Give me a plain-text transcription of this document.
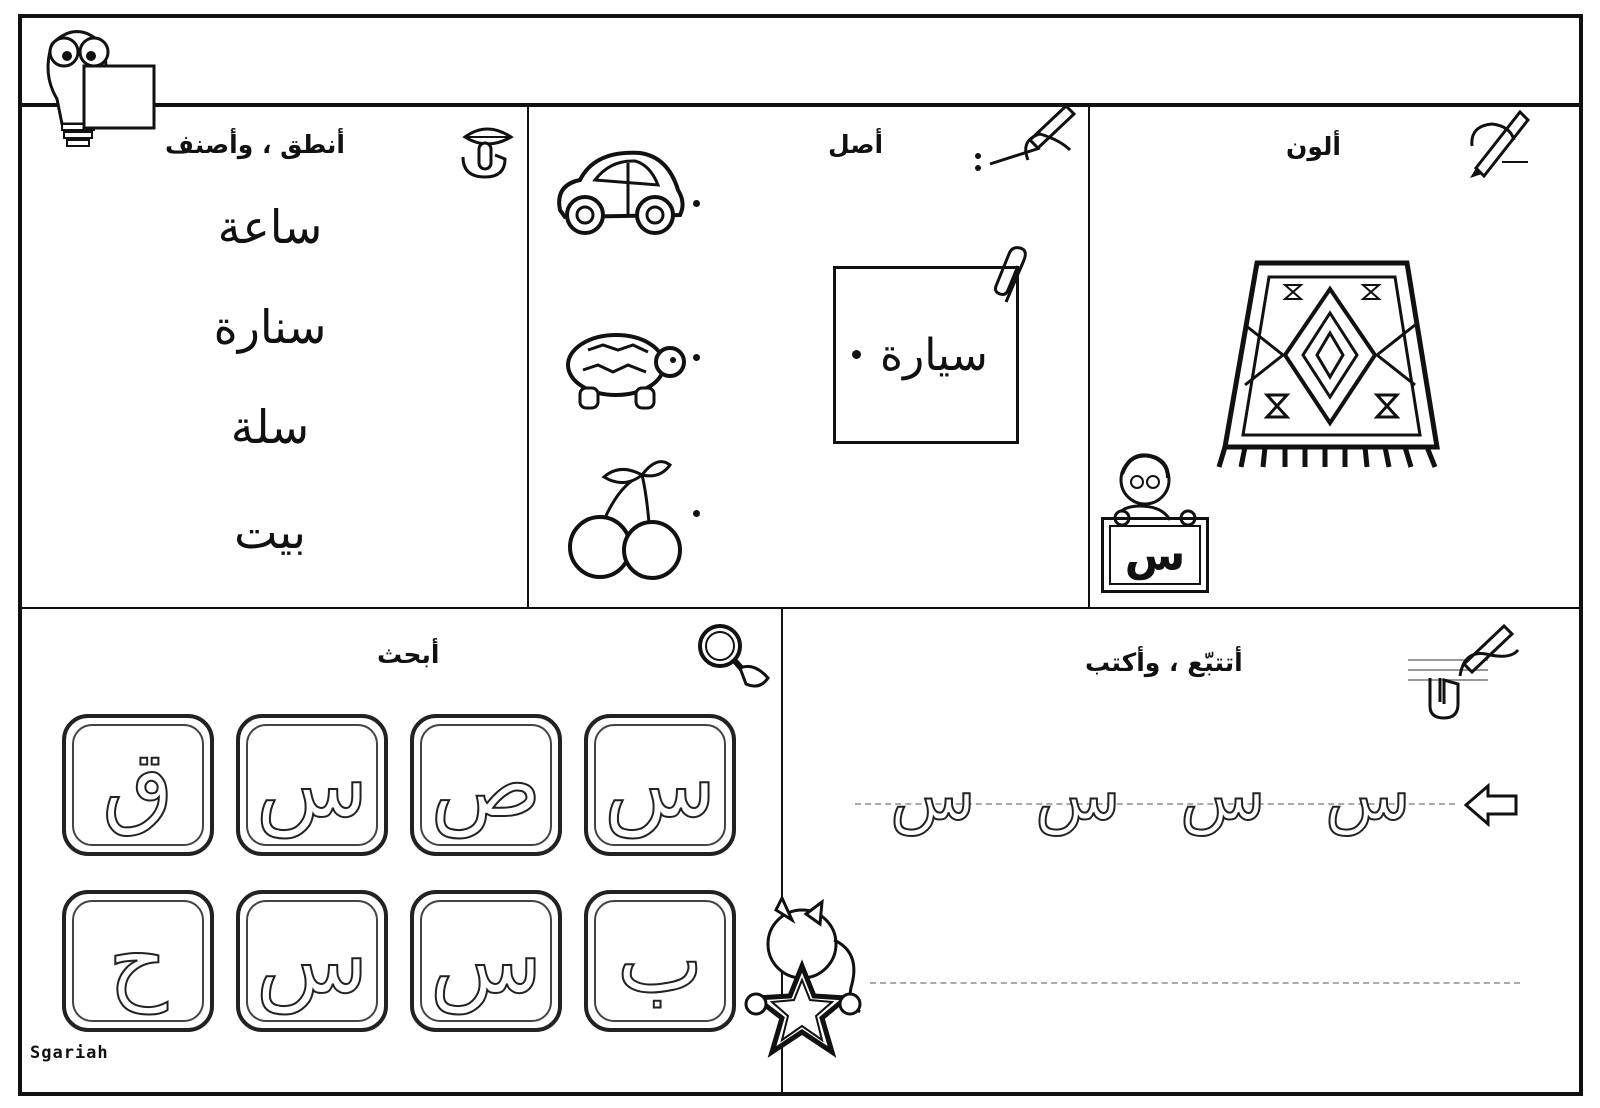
أنطق ، وأصنف
ساعة
سنارة
سلة
بيت
أصل
سيارة
ألون
س
أبحث
س
ص
س
ق
ب
س
س
ح
Sgariah
أتتبّع ، وأكتب
س
س
س
س
